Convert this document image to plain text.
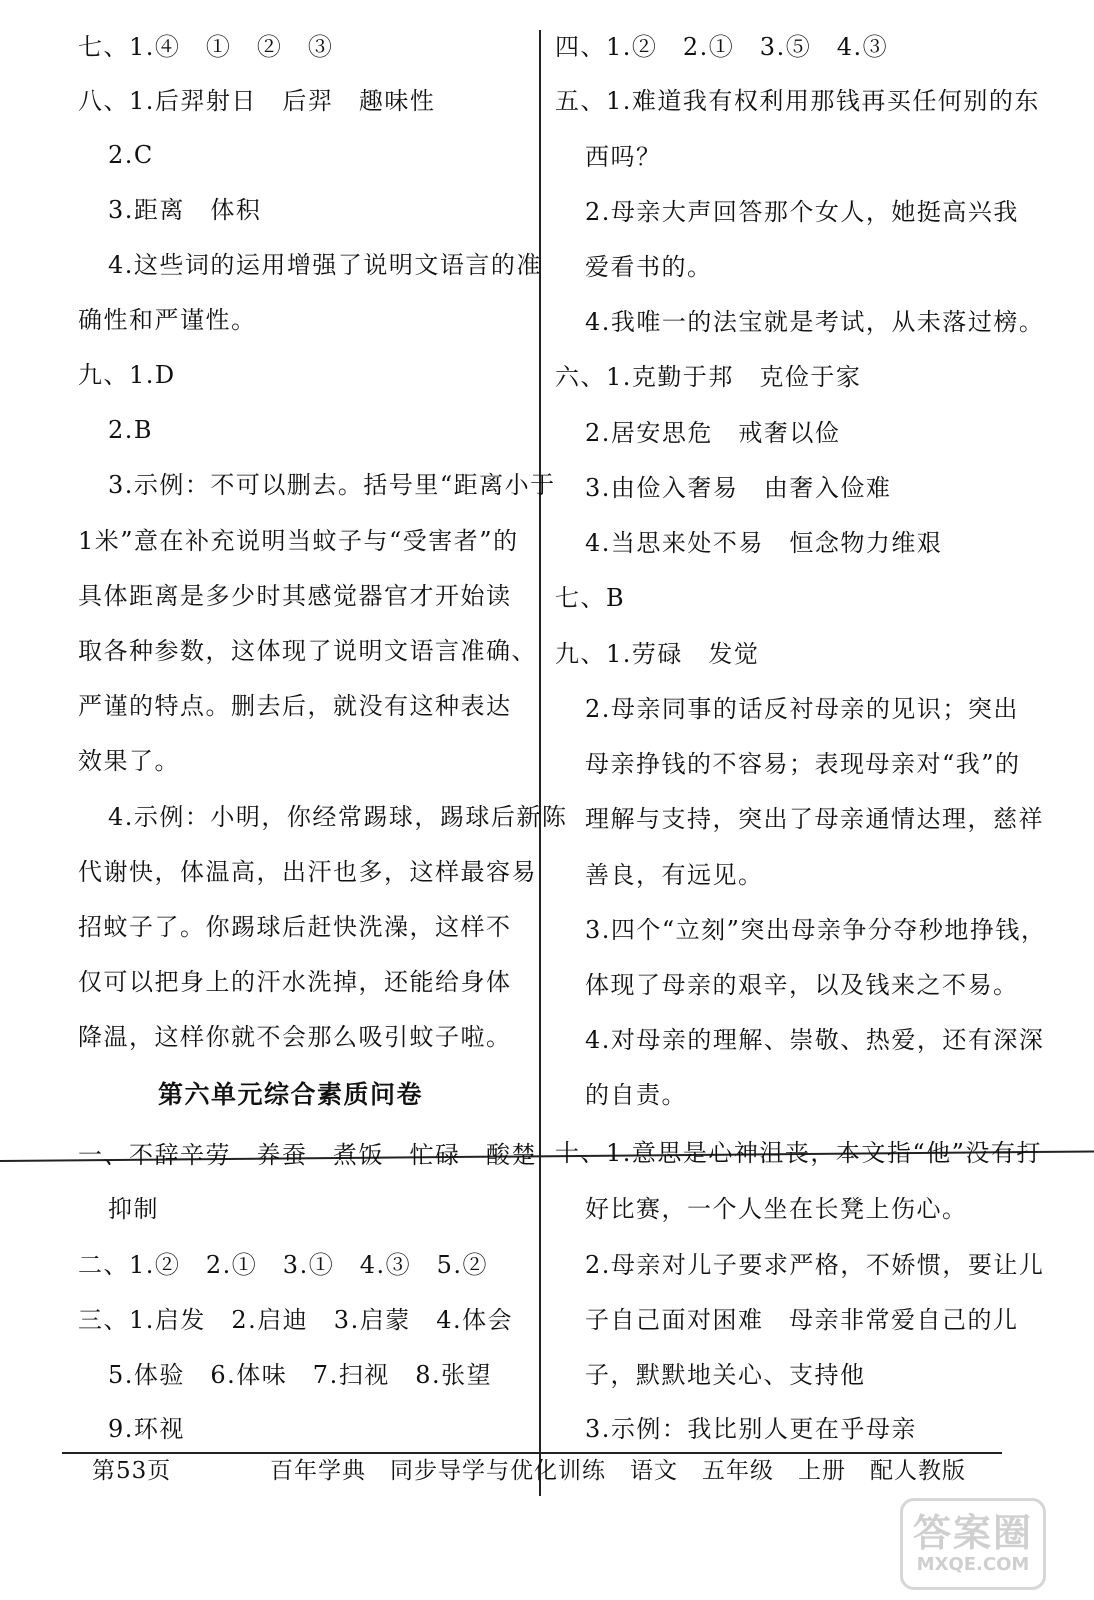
七、1.④　①　②　③
八、1.后羿射日　后羿　趣味性
2.C
3.距离　体积
4.这些词的运用增强了说明文语言的准
确性和严谨性。
九、1.D
2.B
3.示例：不可以删去。括号里“距离小于
1米”意在补充说明当蚊子与“受害者”的
具体距离是多少时其感觉器官才开始读
取各种参数，这体现了说明文语言准确、
严谨的特点。删去后，就没有这种表达
效果了。
4.示例：小明，你经常踢球，踢球后新陈
代谢快，体温高，出汗也多，这样最容易
招蚊子了。你踢球后赶快洗澡，这样不
仅可以把身上的汗水洗掉，还能给身体
降温，这样你就不会那么吸引蚊子啦。
第六单元综合素质问卷
一、不辞辛劳　养蚕　煮饭　忙碌　酸楚
抑制
二、1.②　2.①　3.①　4.③　5.②
三、1.启发　2.启迪　3.启蒙　4.体会
5.体验　6.体味　7.扫视　8.张望
9.环视
四、1.②　2.①　3.⑤　4.③
五、1.难道我有权利用那钱再买任何别的东
西吗？
2.母亲大声回答那个女人，她挺高兴我
爱看书的。
4.我唯一的法宝就是考试，从未落过榜。
六、1.克勤于邦　克俭于家
2.居安思危　戒奢以俭
3.由俭入奢易　由奢入俭难
4.当思来处不易　恒念物力维艰
七、B
九、1.劳碌　发觉
2.母亲同事的话反衬母亲的见识；突出
母亲挣钱的不容易；表现母亲对“我”的
理解与支持，突出了母亲通情达理，慈祥
善良，有远见。
3.四个“立刻”突出母亲争分夺秒地挣钱，
体现了母亲的艰辛，以及钱来之不易。
4.对母亲的理解、崇敬、热爱，还有深深
的自责。
十、1.意思是心神沮丧，本文指“他”没有打
好比赛，一个人坐在长凳上伤心。
2.母亲对儿子要求严格，不娇惯，要让儿
子自己面对困难　母亲非常爱自己的儿
子，默默地关心、支持他
3.示例：我比别人更在乎母亲
第53页	百年学典　同步导学与优化训练　语文　五年级　上册　配人教版
答案圈
MXQE.COM
